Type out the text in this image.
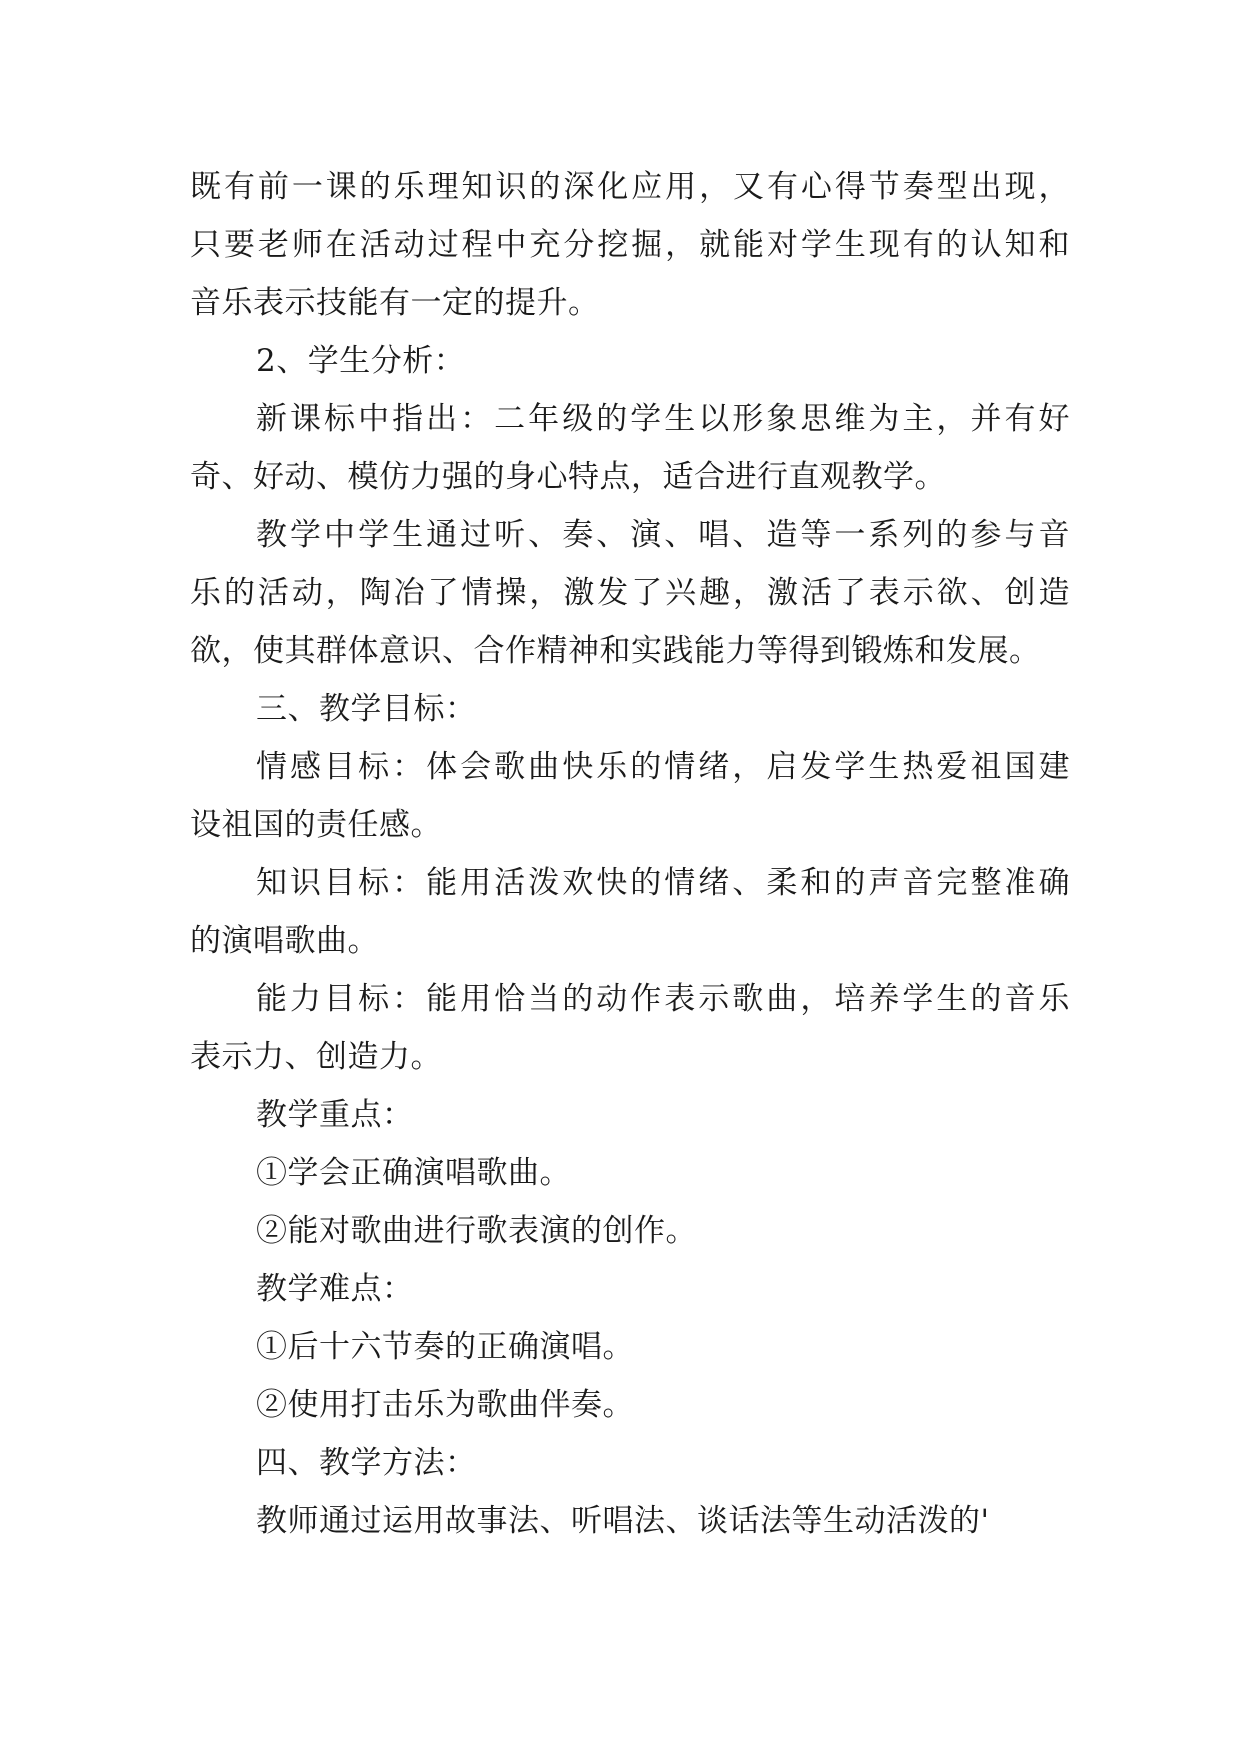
既有前一课的乐理知识的深化应用，又有心得节奏型出现，
只要老师在活动过程中充分挖掘，就能对学生现有的认知和
音乐表示技能有一定的提升。
2、学生分析：
新课标中指出：二年级的学生以形象思维为主，并有好
奇、好动、模仿力强的身心特点，适合进行直观教学。
教学中学生通过听、奏、演、唱、造等一系列的参与音
乐的活动，陶冶了情操，激发了兴趣，激活了表示欲、创造
欲，使其群体意识、合作精神和实践能力等得到锻炼和发展。
三、教学目标：
情感目标：体会歌曲快乐的情绪，启发学生热爱祖国建
设祖国的责任感。
知识目标：能用活泼欢快的情绪、柔和的声音完整准确
的演唱歌曲。
能力目标：能用恰当的动作表示歌曲，培养学生的音乐
表示力、创造力。
教学重点：
①学会正确演唱歌曲。
②能对歌曲进行歌表演的创作。
教学难点：
①后十六节奏的正确演唱。
②使用打击乐为歌曲伴奏。
四、教学方法：
教师通过运用故事法、听唱法、谈话法等生动活泼的'
